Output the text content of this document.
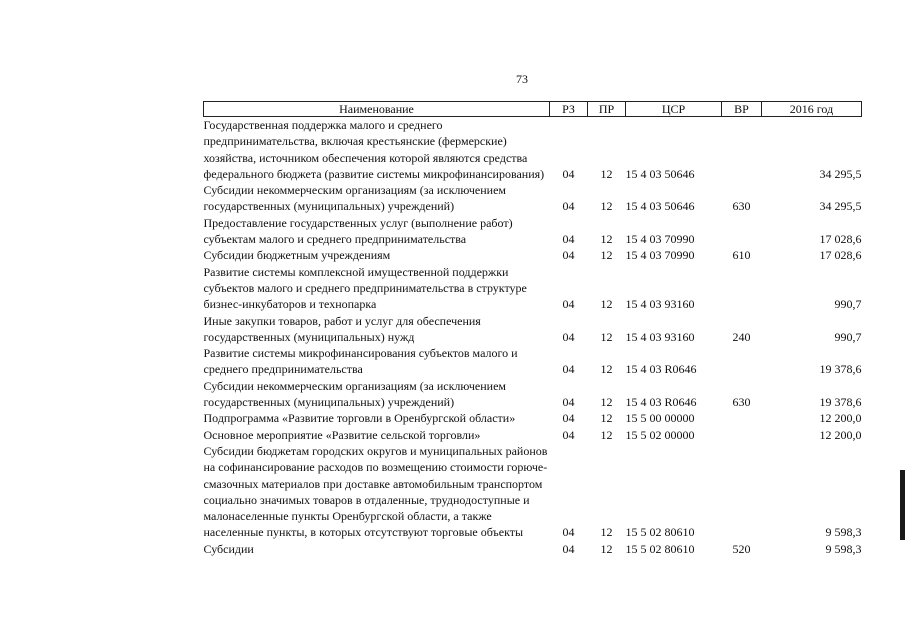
73
Наименование	РЗ	ПР	ЦСР	ВР	2016 год
Государственная поддержка малого и среднего предпринимательства, включая крестьянские (фермерские) хозяйства, источником обеспечения которой являются средства федерального бюджета (развитие системы микрофинансирования)	04	12	15 4 03 50646		34 295,5
Субсидии некоммерческим организациям (за исключением государственных (муниципальных) учреждений)	04	12	15 4 03 50646	630	34 295,5
Предоставление государственных услуг (выполнение работ) субъектам малого и среднего предпринимательства	04	12	15 4 03 70990		17 028,6
Субсидии бюджетным учреждениям	04	12	15 4 03 70990	610	17 028,6
Развитие системы комплексной имущественной поддержки субъектов малого и среднего предпринимательства в структуре бизнес-инкубаторов и технопарка	04	12	15 4 03 93160		990,7
Иные закупки товаров, работ и услуг для обеспечения государственных (муниципальных) нужд	04	12	15 4 03 93160	240	990,7
Развитие системы микрофинансирования субъектов малого и среднего предпринимательства	04	12	15 4 03 R0646		19 378,6
Субсидии некоммерческим организациям (за исключением государственных (муниципальных) учреждений)	04	12	15 4 03 R0646	630	19 378,6
Подпрограмма «Развитие торговли в Оренбургской области»	04	12	15 5 00 00000		12 200,0
Основное мероприятие «Развитие сельской торговли»	04	12	15 5 02 00000		12 200,0
Субсидии бюджетам городских округов и муниципальных районов на софинансирование расходов по возмещению стоимости горюче-смазочных материалов при доставке автомобильным транспортом социально значимых товаров в отдаленные, труднодоступные и малонаселенные пункты Оренбургской области, а также населенные пункты, в которых отсутствуют торговые объекты	04	12	15 5 02 80610		9 598,3
Субсидии	04	12	15 5 02 80610	520	9 598,3
